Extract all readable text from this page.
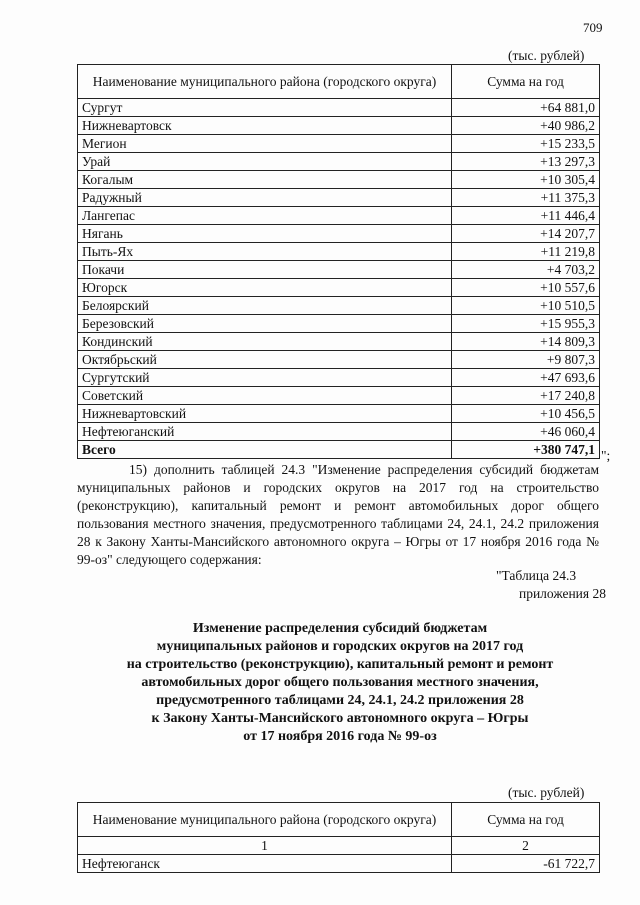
709
(тыс. рублей)
Наименование муниципального района (городского округа)	Сумма на год
Сургут	+64 881,0
Нижневартовск	+40 986,2
Мегион	+15 233,5
Урай	+13 297,3
Когалым	+10 305,4
Радужный	+11 375,3
Лангепас	+11 446,4
Нягань	+14 207,7
Пыть-Ях	+11 219,8
Покачи	+4 703,2
Югорск	+10 557,6
Белоярский	+10 510,5
Березовский	+15 955,3
Кондинский	+14 809,3
Октябрьский	+9 807,3
Сургутский	+47 693,6
Советский	+17 240,8
Нижневартовский	+10 456,5
Нефтеюганский	+46 060,4
Всего	+380 747,1 ";
15) дополнить таблицей 24.3 "Изменение распределения субсидий бюджетам муниципальных районов и городских округов на 2017 год на строительство (реконструкцию), капитальный ремонт и ремонт автомобильных дорог общего пользования местного значения, предусмотренного таблицами 24, 24.1, 24.2 приложения 28 к Закону Ханты-Мансийского автономного округа – Югры от 17 ноября 2016 года № 99-оз" следующего содержания:
"Таблица 24.3
приложения 28
Изменение распределения субсидий бюджетам
муниципальных районов и городских округов на 2017 год
на строительство (реконструкцию), капитальный ремонт и ремонт
автомобильных дорог общего пользования местного значения,
предусмотренного таблицами 24, 24.1, 24.2 приложения 28
к Закону Ханты-Мансийского автономного округа – Югры
от 17 ноября 2016 года № 99-оз
(тыс. рублей)
Наименование муниципального района (городского округа)	Сумма на год
1	2
Нефтеюганск	-61 722,7
